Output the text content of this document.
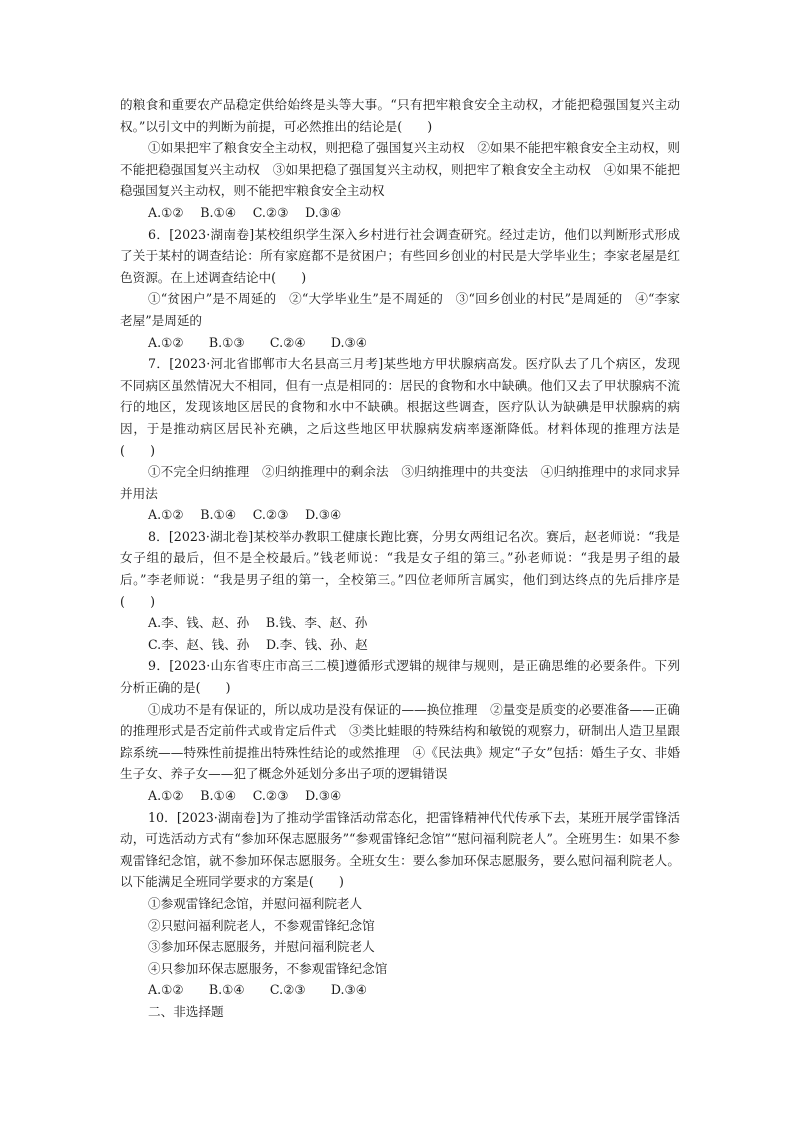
的粮食和重要农产品稳定供给始终是头等大事。“只有把牢粮食安全主动权，才能把稳强国复兴主动权。”以引文中的判断为前提，可必然推出的结论是(　　)

①如果把牢了粮食安全主动权，则把稳了强国复兴主动权　②如果不能把牢粮食安全主动权，则不能把稳强国复兴主动权　③如果把稳了强国复兴主动权，则把牢了粮食安全主动权　④如果不能把稳强国复兴主动权，则不能把牢粮食安全主动权

A.①②　 B.①④　 C.②③　 D.③④

6．[2023·湖南卷]某校组织学生深入乡村进行社会调查研究。经过走访，他们以判断形式形成了关于某村的调查结论：所有家庭都不是贫困户；有些回乡创业的村民是大学毕业生；李家老屋是红色资源。在上述调查结论中(　　)

①“贫困户”是不周延的　②“大学毕业生”是不周延的　③“回乡创业的村民”是周延的　④“李家老屋”是周延的

A.①②　　B.①③　　C.②④　　D.③④

7．[2023·河北省邯郸市大名县高三月考]某些地方甲状腺病高发。医疗队去了几个病区，发现不同病区虽然情况大不相同，但有一点是相同的：居民的食物和水中缺碘。他们又去了甲状腺病不流行的地区，发现该地区居民的食物和水中不缺碘。根据这些调查，医疗队认为缺碘是甲状腺病的病因，于是推动病区居民补充碘，之后这些地区甲状腺病发病率逐渐降低。材料体现的推理方法是(　　)

①不完全归纳推理　②归纳推理中的剩余法　③归纳推理中的共变法　④归纳推理中的求同求异并用法

A.①②　 B.①④　 C.②③　 D.③④

8．[2023·湖北卷]某校举办教职工健康长跑比赛，分男女两组记名次。赛后，赵老师说：“我是女子组的最后，但不是全校最后。”钱老师说：“我是女子组的第三。”孙老师说：“我是男子组的最后。”李老师说：“我是男子组的第一，全校第三。”四位老师所言属实，他们到达终点的先后排序是(　　)

A.李、钱、赵、孙　 B.钱、李、赵、孙

C.李、赵、钱、孙　 D.李、钱、孙、赵

9．[2023·山东省枣庄市高三二模]遵循形式逻辑的规律与规则，是正确思维的必要条件。下列分析正确的是(　　)

①成功不是有保证的，所以成功是没有保证的——换位推理　②量变是质变的必要准备——正确的推理形式是否定前件式或肯定后件式　③类比蛙眼的特殊结构和敏锐的观察力，研制出人造卫星跟踪系统——特殊性前提推出特殊性结论的或然推理　④《民法典》规定“子女”包括：婚生子女、非婚生子女、养子女——犯了概念外延划分多出子项的逻辑错误

A.①②　 B.①④　 C.②③　 D.③④

10．[2023·湖南卷]为了推动学雷锋活动常态化，把雷锋精神代代传承下去，某班开展学雷锋活动，可选活动方式有“参加环保志愿服务”“参观雷锋纪念馆”“慰问福利院老人”。全班男生：如果不参观雷锋纪念馆，就不参加环保志愿服务。全班女生：要么参加环保志愿服务，要么慰问福利院老人。以下能满足全班同学要求的方案是(　　)

①参观雷锋纪念馆，并慰问福利院老人

②只慰问福利院老人，不参观雷锋纪念馆

③参加环保志愿服务，并慰问福利院老人

④只参加环保志愿服务，不参观雷锋纪念馆

A.①②　　B.①④　　C.②③　　D.③④

二、非选择题
